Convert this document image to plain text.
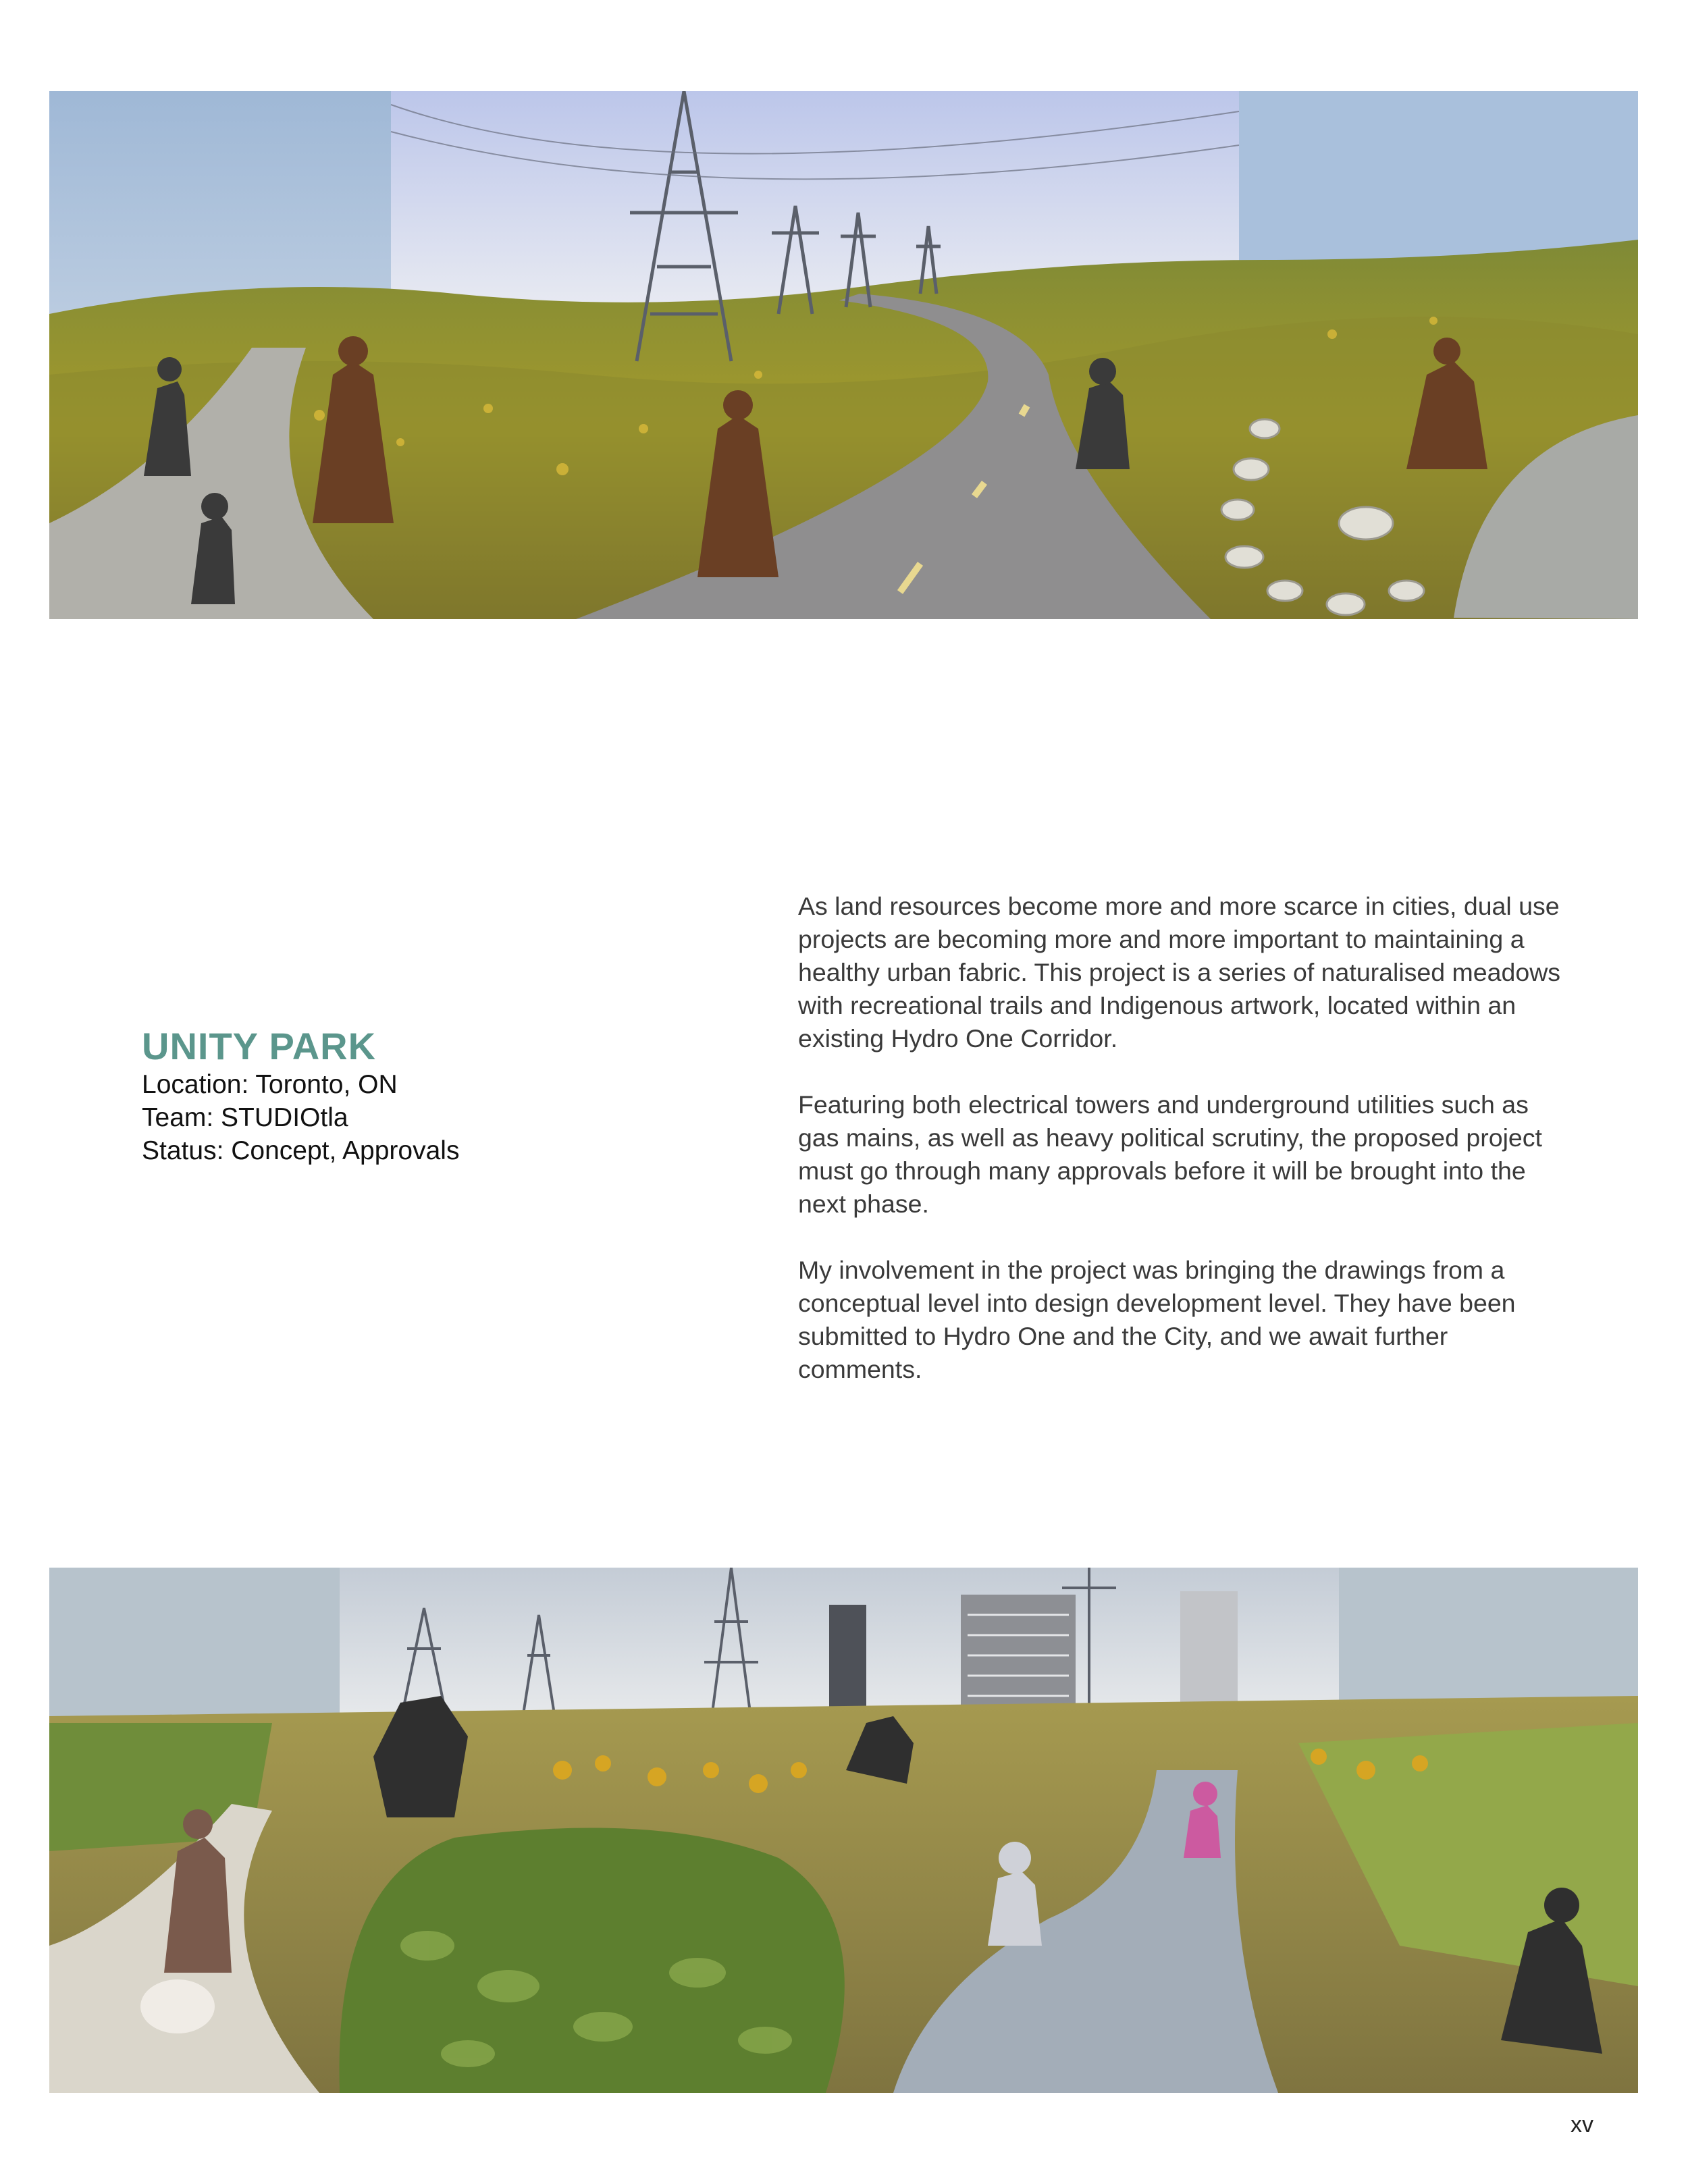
UNITY PARK

Location: Toronto, ON

Team: STUDIOtla

Status: Concept, Approvals

As land resources become more and more scarce in cities, dual use projects are becoming more and more important to maintaining a healthy urban fabric. This project is a series of naturalised meadows with recreational trails and Indigenous artwork, located within an existing Hydro One Corridor.

Featuring both electrical towers and underground utilities such as gas mains, as well as heavy political scrutiny, the proposed project must go through many approvals before it will be brought into the next phase.

My involvement in the project was bringing the drawings from a conceptual level into design development level. They have been submitted to Hydro One and the City, and we await further comments.

xv
